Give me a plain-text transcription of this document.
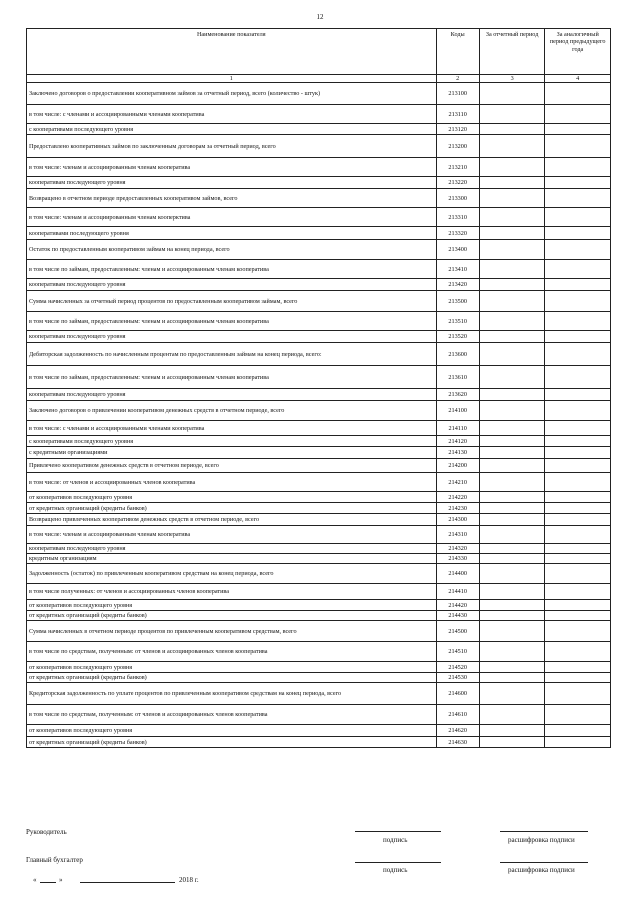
12
Наименование показателя	Коды	За отчетный период	За аналогичный период предыдущего года
1	2	3	4
Заключено договоров о предоставлении кооперативном займов за отчетный период, всего (количество - штук)	213100		
в том числе: с членами и ассоциированными членами кооператива	213110		
с кооперативами последующего уровня	213120		
Предоставлено кооперативных займов по заключенным договорам за отчетный период, всего	213200		
в том числе: членам и ассоциированным членам кооператива	213210		
кооперативам последующего уровня	213220		
Возвращено в отчетном периоде предоставленных кооперативом займов, всего	213300		
в том числе: членам и ассоциированным членам кооперктива	213310		
кооперативами последующего уровня	213320		
Остаток по предоставленным кооперативом займам на конец периода, всего	213400		
в том числе по займам, предоставленным: членам и ассоциированным членам кооператива	213410		
кооперативам последующего уровня	213420		
Сумма начисленных за отчетный период процентов по предоставленным кооперативом займам, всего	213500		
в том числе по займам, предоставленным: членам и ассоциированным членам кооператива	213510		
кооперативам последующего уровня	213520		
Дебиторская задолженность по начисленным процентам по предоставленным займам на конец периода, всего:	213600		
в том числе по займам, предоставленным: членам и ассоциированным членам кооператива	213610		
кооперативам последующего уровня	213620		
Заключено договоров о привлечении кооперативом денежных средств в отчетном периоде, всего	214100		
в том числе: с членами и ассоциированными членами кооператива	214110		
с кооперативами последующего уровня	214120		
с кредитными организациями	214130		
Привлечено кооперативом денежных средств в отчетном периоде, всего	214200		
в том числе: от членов и ассоциированных членов кооператива	214210		
от кооперативов последующего уровня	214220		
от кредитных организаций (кредиты банков)	214230		
Возвращено привлеченных кооперативом денежных средств в отчетном периоде, всего	214300		
в том числе: членам и ассоциированным членам кооператива	214310		
кооперативам последующего уровня	214320		
кредитным организациям	214330		
Задолженность (остаток) по привлеченным кооперативом средствам на конец периода, всего	214400		
в том числе полученных: от членов и ассоциированных членов кооператива	214410		
от кооперативов последующего уровня	214420		
от кредитных организаций (кредиты банков)	214430		
Сумма начисленных в отчетном периоде процентов по привлеченным кооперативом средствам, всего	214500		
в том числе по средствам, полученным: от членов и ассоциированных членов кооператива	214510		
от кооперативов последующего уровня	214520		
от кредитных организаций (кредиты банков)	214530		
Кредиторская задолженность по уплате процентов по привлеченным кооперативом средствам на конец периода, всего	214600		
в том числе по средствам, полученным: от членов и ассоциированных членов кооператива	214610		
от кооперативов последующего уровня	214620		
от кредитных организаций (кредиты банков)	214630		
Руководитель
подпись	расшифровка подписи
Главный бухгалтер
подпись	расшифровка подписи
«	»	2018 г.
